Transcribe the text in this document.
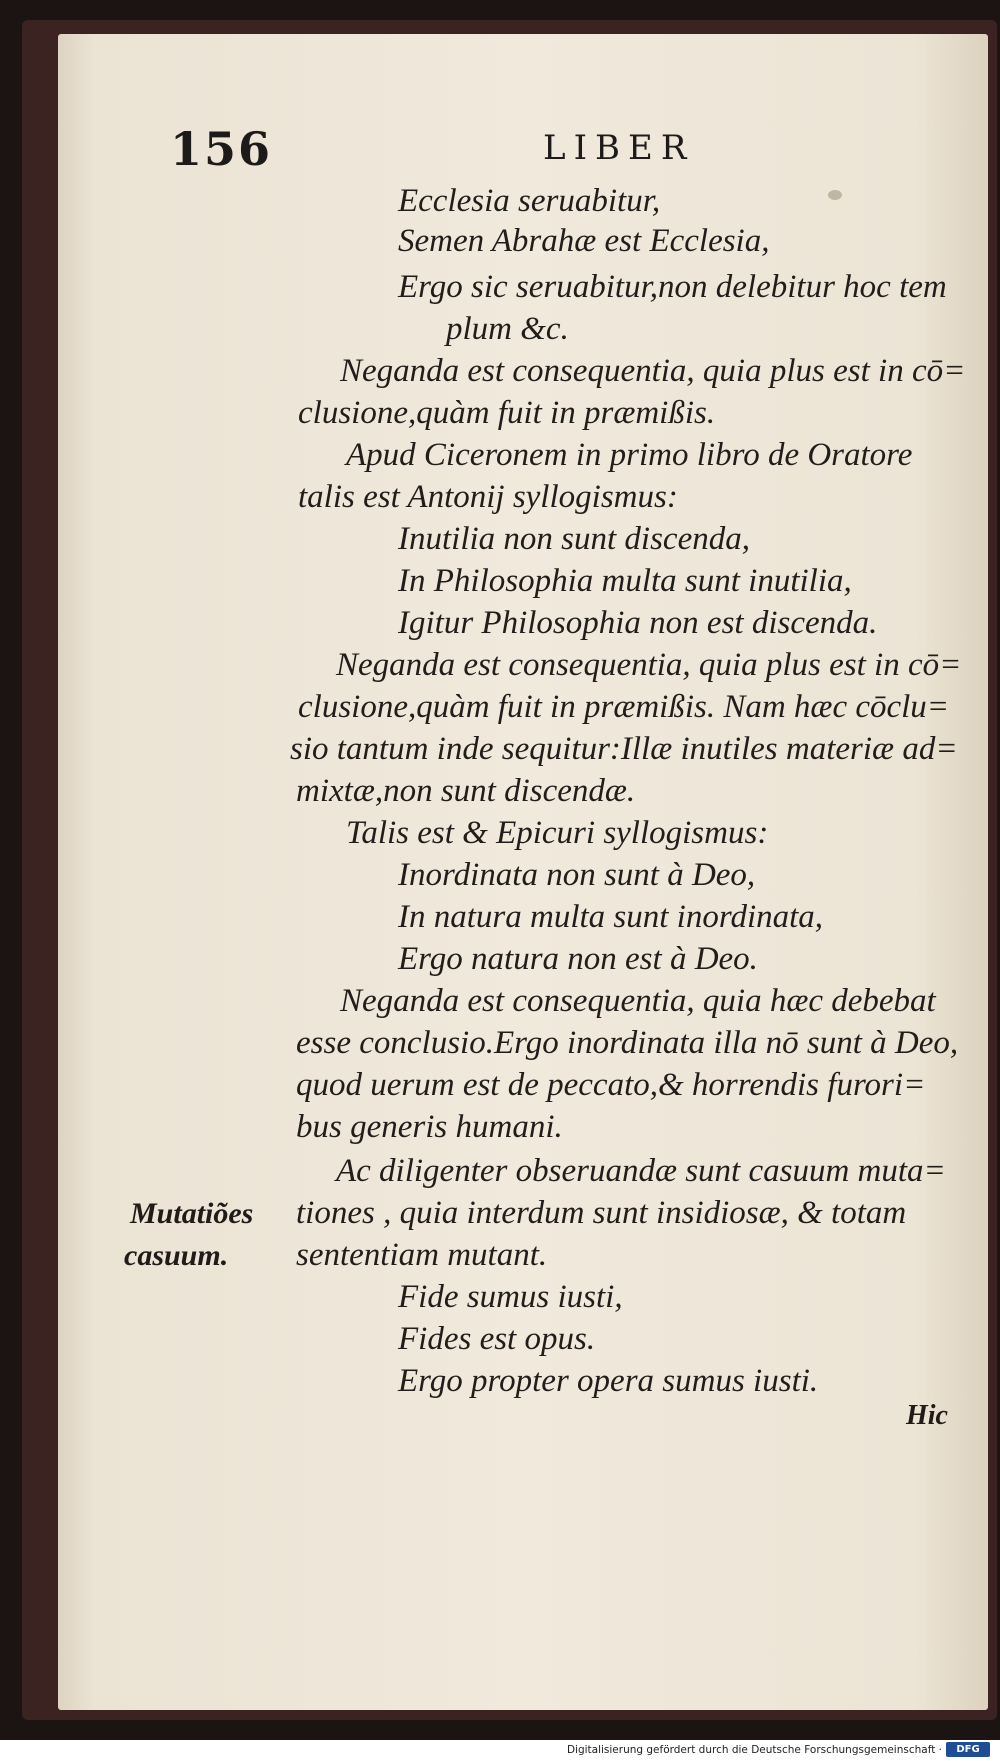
156	LIBER
Ecclesia seruabitur,
Semen Abrahæ est Ecclesia,
Ergo sic seruabitur,non delebitur hoc tem
plum &c.
Neganda est consequentia, quia plus est in cō=
clusione,quàm fuit in præmißis.
Apud Ciceronem in primo libro de Oratore
talis est Antonij syllogismus:
Inutilia non sunt discenda,
In Philosophia multa sunt inutilia,
Igitur Philosophia non est discenda.
Neganda est consequentia, quia plus est in cō=
clusione,quàm fuit in præmißis. Nam hæc cōclu=
sio tantum inde sequitur:Illæ inutiles materiæ ad=
mixtæ,non sunt discendæ.
Talis est & Epicuri syllogismus:
Inordinata non sunt à Deo,
In natura multa sunt inordinata,
Ergo natura non est à Deo.
Neganda est consequentia, quia hæc debebat
esse conclusio.Ergo inordinata illa nō sunt à Deo,
quod uerum est de peccato,& horrendis furori=
bus generis humani.
Ac diligenter obseruandæ sunt casuum muta=
tiones , quia interdum sunt insidiosæ, & totam
sententiam mutant.
Fide sumus iusti,
Fides est opus.
Ergo propter opera sumus iusti.
Mutatiões
casuum.
Hic
Digitalisierung gefördert durch die Deutsche Forschungsgemeinschaft ·	DFG
